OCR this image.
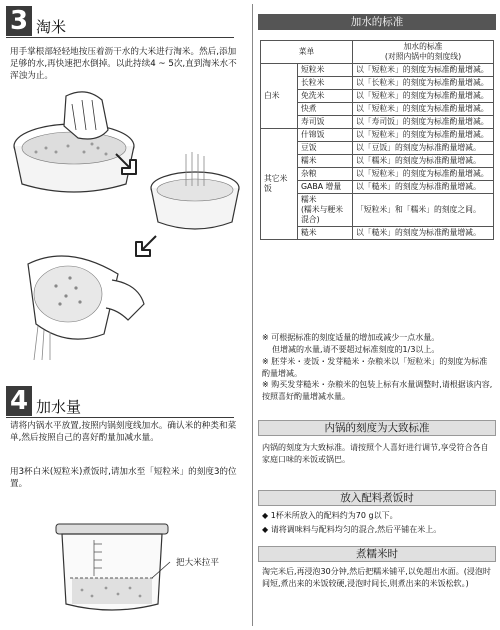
3 淘米
用手掌根部轻轻地按压着沥干水的大米进行淘米。然后,添加足够的水,再快速把水倒掉。以此持续4 ~ 5次,直到淘米水不浑浊为止。
4 加水量
请将内锅水平放置,按照内锅刻度线加水。确认米的种类和菜单,然后按照自己的喜好酌量加减水量。
用3杯白米(短粒米)煮饭时,请加水至「短粒米」的刻度3的位置。
把大米拉平
加水的标准
菜单		加水的标准
(对照内锅中的刻度线)
白米	短粒米	以「短粒米」的刻度为标准酌量增减。
	长粒米	以「长粒米」的刻度为标准酌量增减。
	免洗米	以「短粒米」的刻度为标准酌量增减。
	快煮	以「短粒米」的刻度为标准酌量增减。
	寿司饭	以「寿司饭」的刻度为标准酌量增减。
其它米饭	什锦饭	以「短粒米」的刻度为标准酌量增减。
	豆饭	以「豆饭」的刻度为标准酌量增减。
	糯米	以「糯米」的刻度为标准酌量增减。
	杂粮	以「短粒米」的刻度为标准酌量增减。
	GABA 增量	以「糙米」的刻度为标准酌量增减。
	糯米
(糯米与粳米混合)	「短粒米」和「糯米」的刻度之间。
	糙米	以「糙米」的刻度为标准酌量增减。
※ 可根据标准的刻度适量的增加或减少一点水量。
但增减的水量,请不要超过标准刻度的1/3以上。
※ 胚芽米・麦饭・发芽糙米・杂粮米以「短粒米」的刻度为标准酌量增减。
※ 购买发芽糙米・杂粮米的包装上标有水量调整时,请根据该内容,按照喜好酌量增减水量。
内锅的刻度为大致标准
内锅的刻度为大致标准。请按照个人喜好进行调节,享受符合各自家庭口味的米饭或锅巴。
放入配料煮饭时
◆ 1杯米所放入的配料约为70 g以下。
◆ 请将调味料与配料均匀的混合,然后平铺在米上。
煮糯米时
淘完米后,再浸泡30分钟,然后把糯米铺平,以免超出水面。(浸泡时间短,煮出来的米饭较硬,浸泡时间长,则煮出来的米饭松软。)
